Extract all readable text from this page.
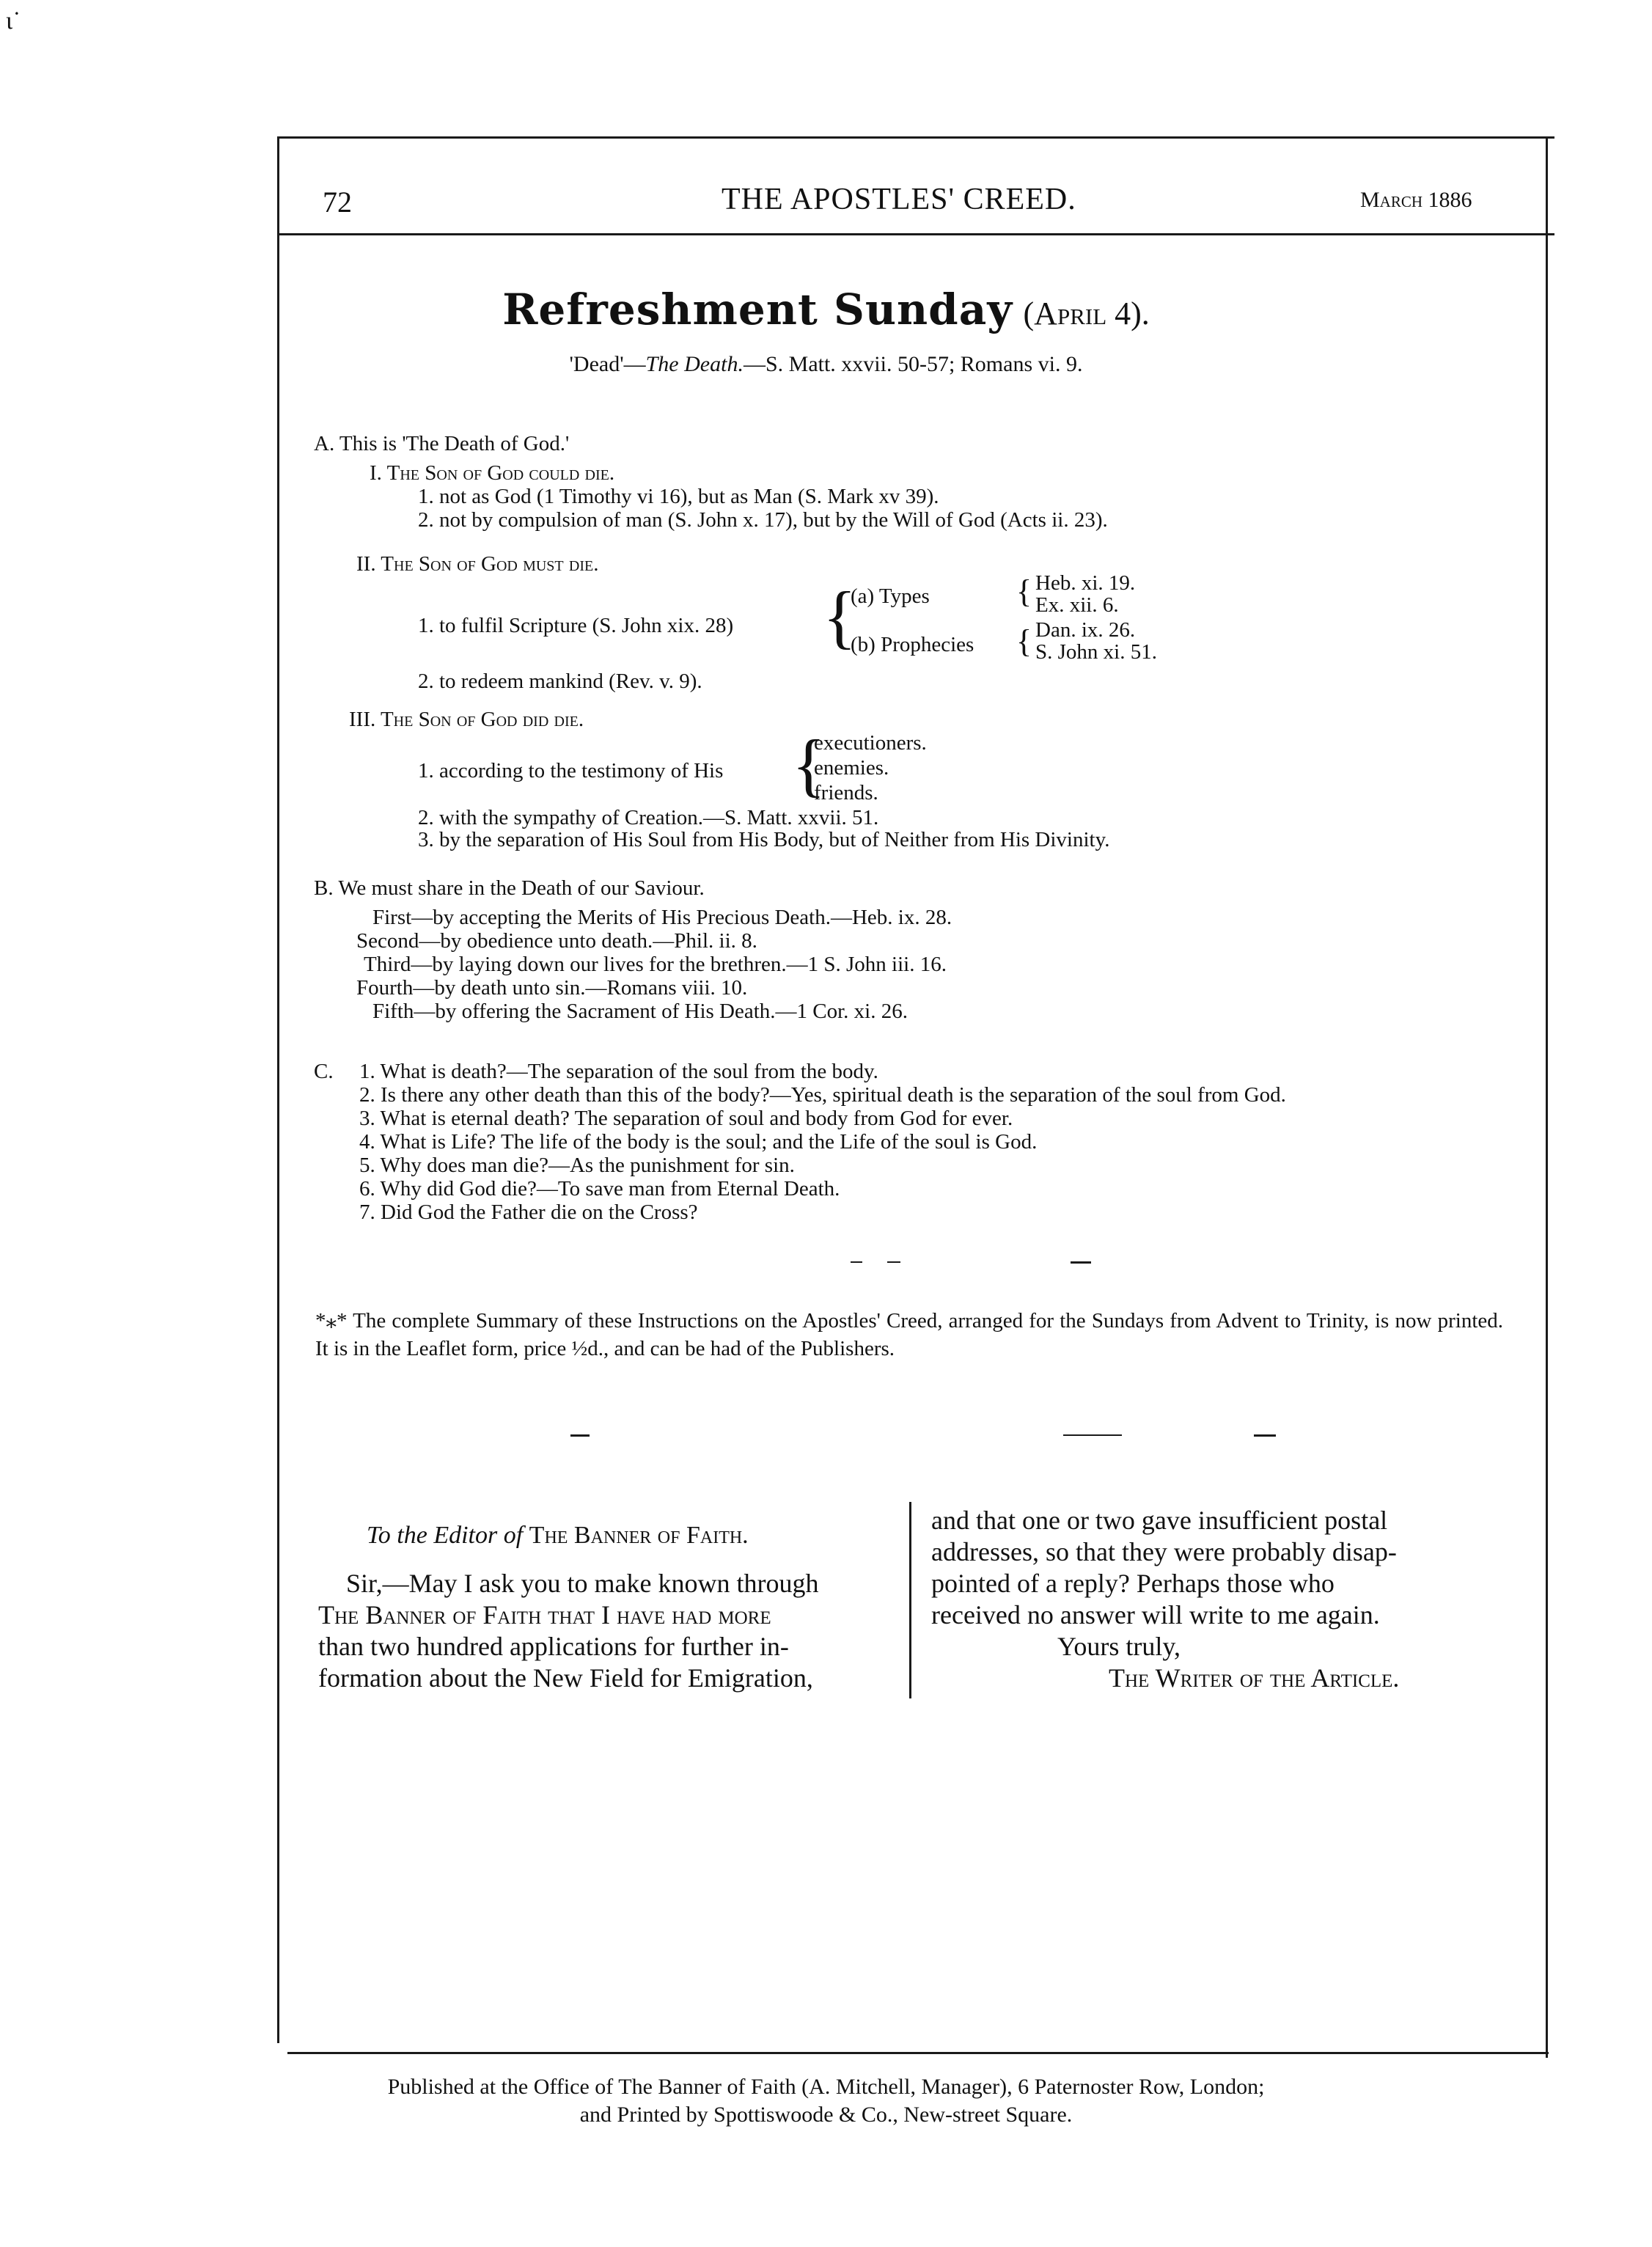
ι˙
72	THE APOSTLES' CREED.	March 1886
Refreshment Sunday (April 4).
'Dead'—The Death.—S. Matt. xxvii. 50-57; Romans vi. 9.
A. This is 'The Death of God.'
I. The Son of God could die.
1. not as God (1 Timothy vi 16), but as Man (S. Mark xv 39).
2. not by compulsion of man (S. John x. 17), but by the Will of God (Acts ii. 23).
II. The Son of God must die.
1. to fulfil Scripture (S. John xix. 28) {
(a) Types
(b) Prophecies
{
{
Heb. xi. 19.
Ex. xii. 6.
Dan. ix. 26.
S. John xi. 51.
2. to redeem mankind (Rev. v. 9).
III. The Son of God did die.
1. according to the testimony of His {
executioners.
enemies.
friends.
2. with the sympathy of Creation.—S. Matt. xxvii. 51.
3. by the separation of His Soul from His Body, but of Neither from His Divinity.
B. We must share in the Death of our Saviour.
First—by accepting the Merits of His Precious Death.—Heb. ix. 28.
Second—by obedience unto death.—Phil. ii. 8.
Third—by laying down our lives for the brethren.—1 S. John iii. 16.
Fourth—by death unto sin.—Romans viii. 10.
Fifth—by offering the Sacrament of His Death.—1 Cor. xi. 26.
C. 1. What is death?—The separation of the soul from the body.
2. Is there any other death than this of the body?—Yes, spiritual death is the separation of the soul from God.
3. What is eternal death? The separation of soul and body from God for ever.
4. What is Life? The life of the body is the soul; and the Life of the soul is God.
5. Why does man die?—As the punishment for sin.
6. Why did God die?—To save man from Eternal Death.
7. Did God the Father die on the Cross?
*⁎* The complete Summary of these Instructions on the Apostles' Creed, arranged for the Sundays from Advent to Trinity, is now printed. It is in the Leaflet form, price ½d., and can be had of the Publishers.
To the Editor of The Banner of Faith.
Sir,—May I ask you to make known through
The Banner of Faith that I have had more
than two hundred applications for further in-
formation about the New Field for Emigration,
and that one or two gave insufficient postal
addresses, so that they were probably disap-
pointed of a reply? Perhaps those who
received no answer will write to me again.
Yours truly,
The Writer of the Article.
Published at the Office of The Banner of Faith (A. Mitchell, Manager), 6 Paternoster Row, London;
and Printed by Spottiswoode & Co., New-street Square.
